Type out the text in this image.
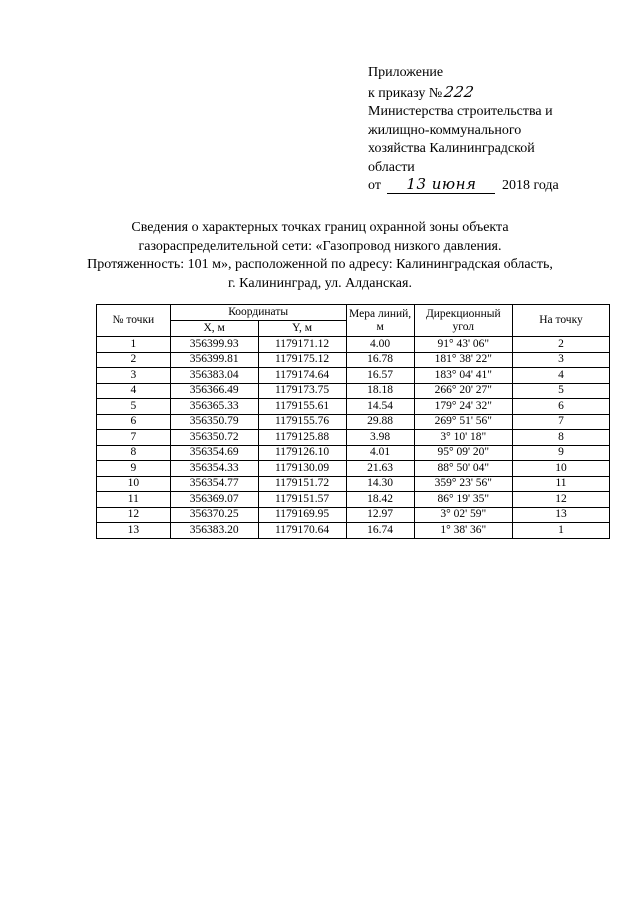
Приложение
к приказу №222
Министерства строительства и
жилищно-коммунального
хозяйства Калининградской
области
от 13 июня 2018 года
Сведения о характерных точках границ охранной зоны объекта
газораспределительной сети: «Газопровод низкого давления.
Протяженность: 101 м», расположенной по адресу: Калининградская область,
г. Калининград, ул. Алданская.
№ точки	Координаты		Мера линий, м	Дирекционный угол	На точку
	X, м	Y, м			
1	356399.93	1179171.12	4.00	91° 43' 06"	2
2	356399.81	1179175.12	16.78	181° 38' 22"	3
3	356383.04	1179174.64	16.57	183° 04' 41"	4
4	356366.49	1179173.75	18.18	266° 20' 27"	5
5	356365.33	1179155.61	14.54	179° 24' 32"	6
6	356350.79	1179155.76	29.88	269° 51' 56"	7
7	356350.72	1179125.88	3.98	3° 10' 18"	8
8	356354.69	1179126.10	4.01	95° 09' 20"	9
9	356354.33	1179130.09	21.63	88° 50' 04"	10
10	356354.77	1179151.72	14.30	359° 23' 56"	11
11	356369.07	1179151.57	18.42	86° 19' 35"	12
12	356370.25	1179169.95	12.97	3° 02' 59"	13
13	356383.20	1179170.64	16.74	1° 38' 36"	1
